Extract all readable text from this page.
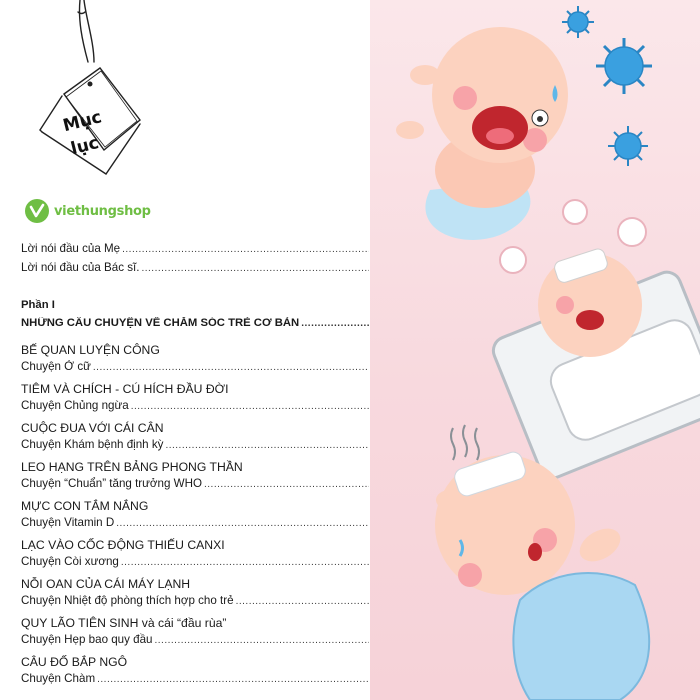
Mục
lục
viethungshop
Lời nói đầu của Mẹ
.....
Lời nói đầu của Bác sĩ.
.....
Phần I
NHỮNG CÂU CHUYỆN VỀ CHĂM SÓC TRẺ CƠ BẢN
.....
BẾ QUAN LUYỆN CÔNG
Chuyện Ở cữ
.....
TIÊM VÀ CHÍCH - CÚ HÍCH ĐẦU ĐỜI
Chuyện Chủng ngừa
.....
CUỘC ĐUA VỚI CÁI CÂN
Chuyện Khám bệnh định kỳ
.....
LEO HẠNG TRÊN BẢNG PHONG THẦN
Chuyện “Chuẩn” tăng trưởng WHO
.....
MỰC CON TẮM NẮNG
Chuyện Vitamin D
.....
LẠC VÀO CỐC ĐỘNG THIẾU CANXI
Chuyện Còi xương
.....
NỖI OAN CỦA CÁI MÁY LẠNH
Chuyện Nhiệt độ phòng thích hợp cho trẻ
.....
QUY LÃO TIÊN SINH và cái “đầu rùa”
Chuyện Hẹp bao quy đầu
.....
CÂU ĐỐ BẮP NGÔ
Chuyện Chàm
.....
